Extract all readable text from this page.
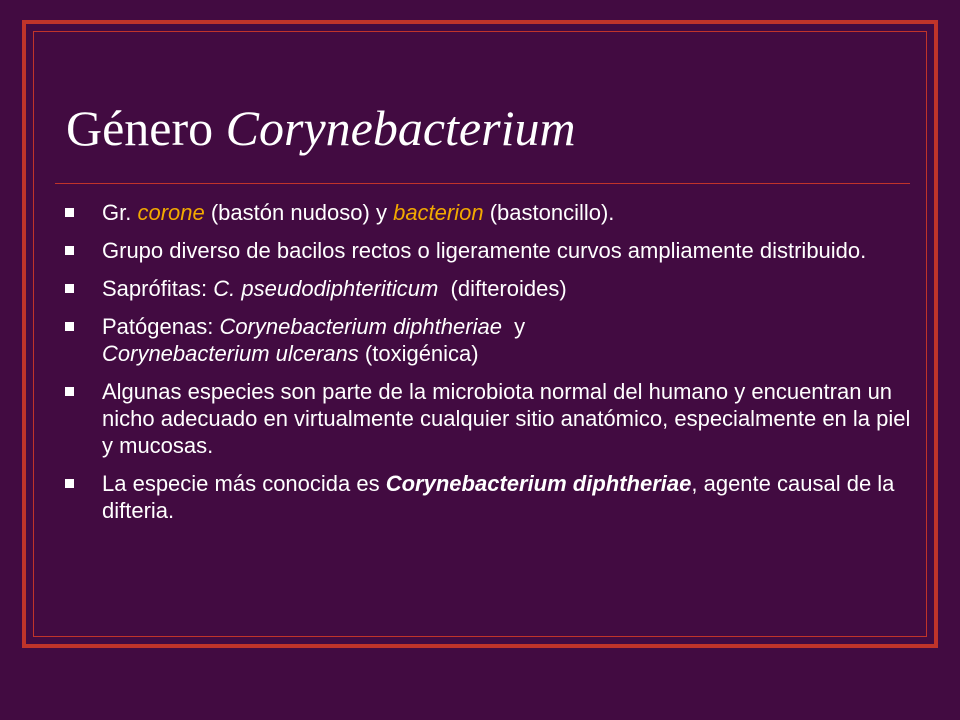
Género Corynebacterium
Gr. corone (bastón nudoso) y bacterion (bastoncillo).
Grupo diverso de bacilos rectos o ligeramente curvos ampliamente distribuido.
Saprófitas: C. pseudodiphteriticum  (difteroides)
Patógenas: Corynebacterium diphtheriae  y
Corynebacterium ulcerans (toxigénica)
Algunas especies son parte de la microbiota normal del humano y encuentran un nicho adecuado en virtualmente cualquier sitio anatómico, especialmente en la piel y mucosas.
La especie más conocida es Corynebacterium diphtheriae, agente causal de la difteria.
